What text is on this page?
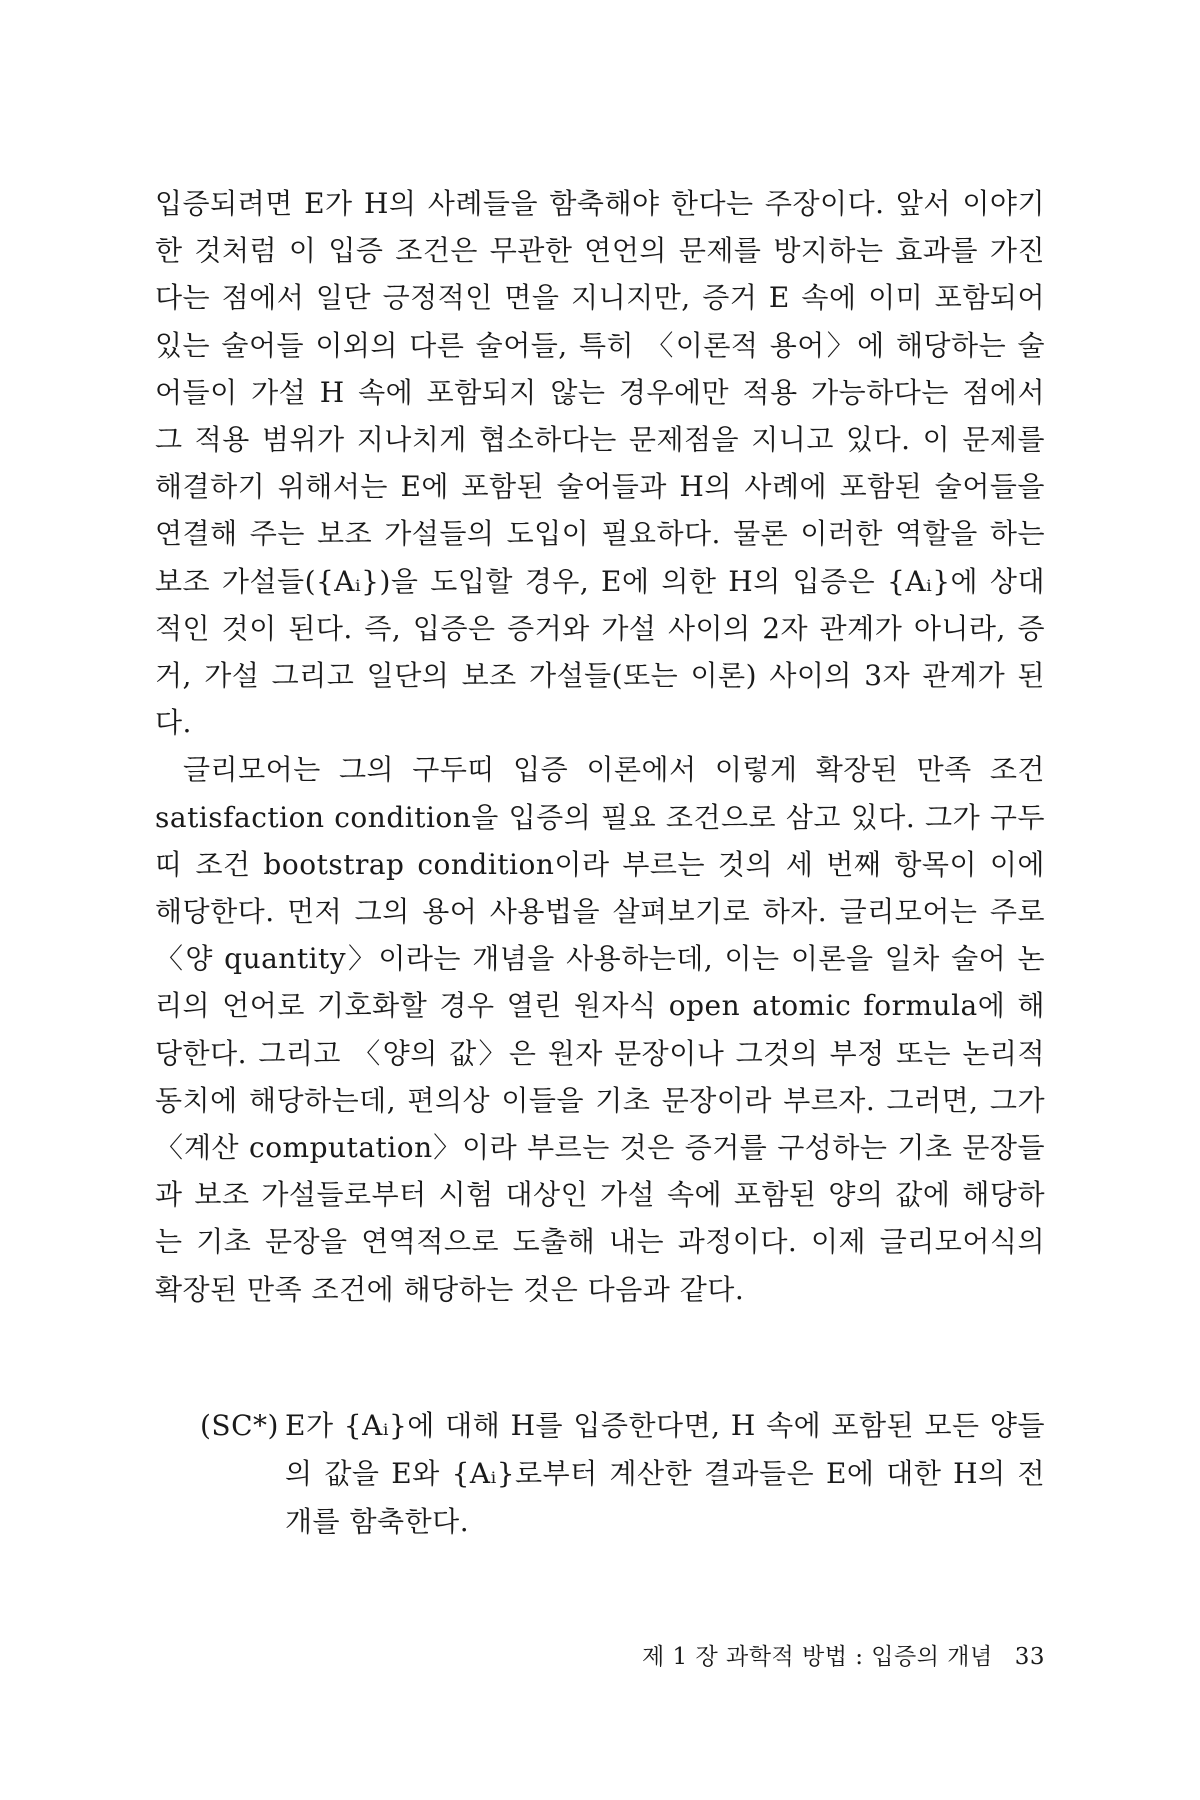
입증되려면 E가 H의 사례들을 함축해야 한다는 주장이다. 앞서 이야기한 것처럼 이 입증 조건은 무관한 연언의 문제를 방지하는 효과를 가진다는 점에서 일단 긍정적인 면을 지니지만, 증거 E 속에 이미 포함되어 있는 술어들 이외의 다른 술어들, 특히 〈이론적 용어〉에 해당하는 술어들이 가설 H 속에 포함되지 않는 경우에만 적용 가능하다는 점에서 그 적용 범위가 지나치게 협소하다는 문제점을 지니고 있다. 이 문제를 해결하기 위해서는 E에 포함된 술어들과 H의 사례에 포함된 술어들을 연결해 주는 보조 가설들의 도입이 필요하다. 물론 이러한 역할을 하는 보조 가설들({Aᵢ})을 도입할 경우, E에 의한 H의 입증은 {Aᵢ}에 상대적인 것이 된다. 즉, 입증은 증거와 가설 사이의 2자 관계가 아니라, 증거, 가설 그리고 일단의 보조 가설들(또는 이론) 사이의 3자 관계가 된다.

글리모어는 그의 구두띠 입증 이론에서 이렇게 확장된 만족 조건 satisfaction condition을 입증의 필요 조건으로 삼고 있다. 그가 구두띠 조건 bootstrap condition이라 부르는 것의 세 번째 항목이 이에 해당한다. 먼저 그의 용어 사용법을 살펴보기로 하자. 글리모어는 주로 〈양 quantity〉이라는 개념을 사용하는데, 이는 이론을 일차 술어 논리의 언어로 기호화할 경우 열린 원자식 open atomic formula에 해당한다. 그리고 〈양의 값〉은 원자 문장이나 그것의 부정 또는 논리적 동치에 해당하는데, 편의상 이들을 기초 문장이라 부르자. 그러면, 그가 〈계산 computation〉이라 부르는 것은 증거를 구성하는 기초 문장들과 보조 가설들로부터 시험 대상인 가설 속에 포함된 양의 값에 해당하는 기초 문장을 연역적으로 도출해 내는 과정이다. 이제 글리모어식의 확장된 만족 조건에 해당하는 것은 다음과 같다.

(SC*) E가 {Aᵢ}에 대해 H를 입증한다면, H 속에 포함된 모든 양들의 값을 E와 {Aᵢ}로부터 계산한 결과들은 E에 대한 H의 전개를 함축한다.
제 1 장 과학적 방법 : 입증의 개념 33
